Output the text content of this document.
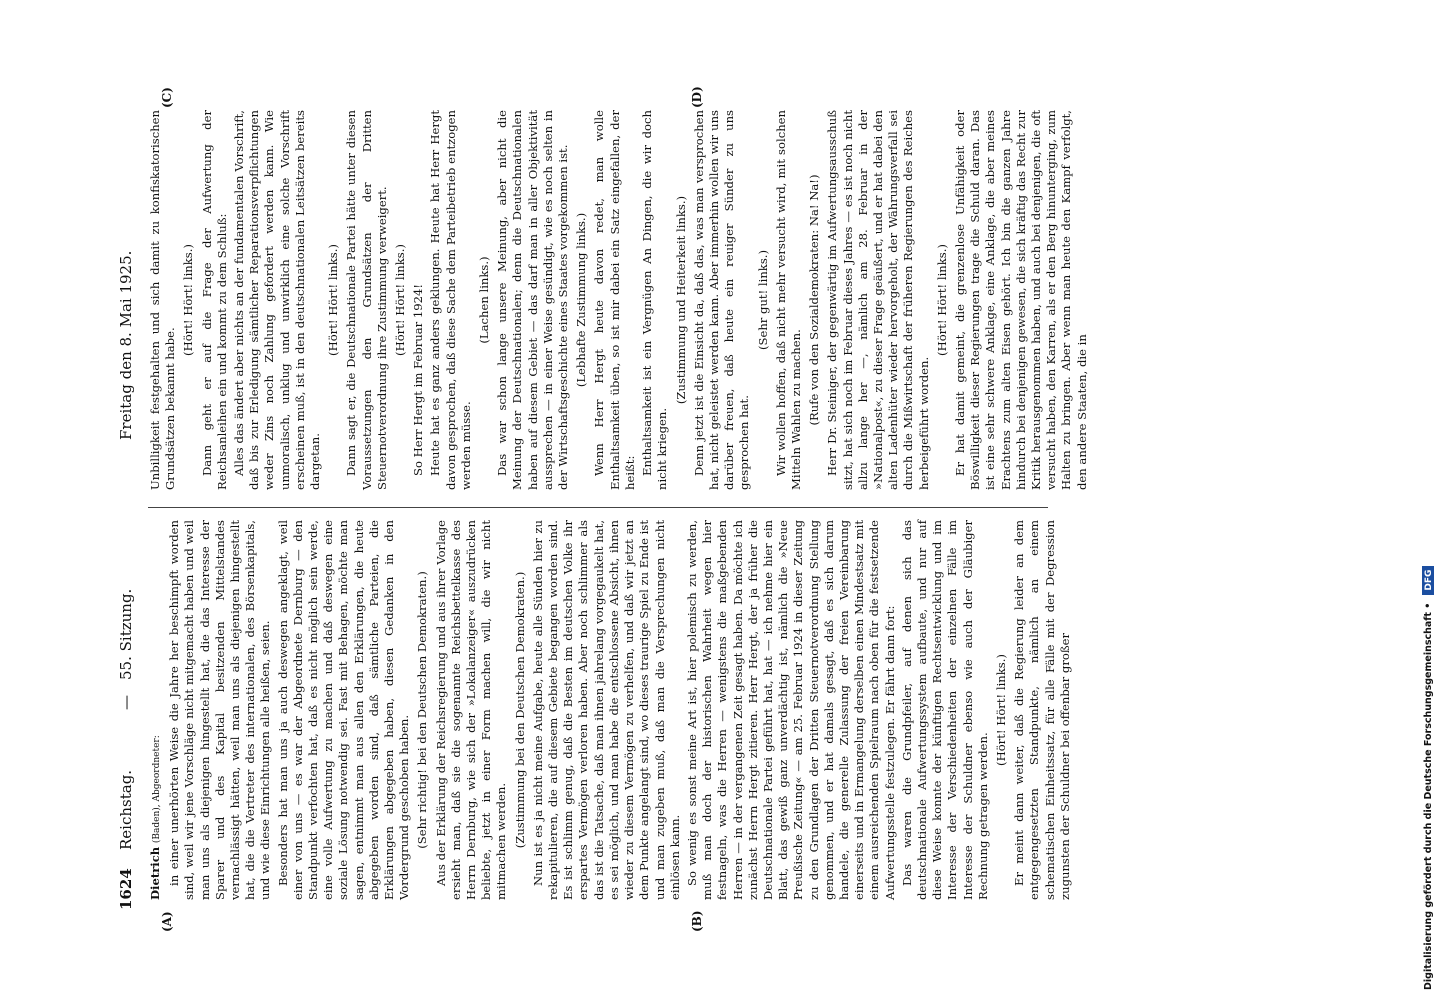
1624
Reichstag.
—
55. Sitzung.
Freitag den 8. Mai 1925.
(A)	(B)
(C)	(D)

Dietrich (Baden), Abgeordneter: in einer unerhörten Weise die Jahre her beschimpft worden sind, weil wir jene Vorschläge nicht mitgemacht haben und weil man uns als diejenigen hingestellt hat, die das Interesse der Sparer und des Kapital besitzenden Mittelstandes vernachlässigt hätten, weil man uns als diejenigen hingestellt hat, die die Vertreter des internationalen, des Börsenkapitals, und wie diese Einrichtungen alle heißen, seien. Besonders hat man uns ja auch deswegen angeklagt, weil einer von uns — es war der Abgeordnete Dernburg — den Standpunkt verfochten hat, daß es nicht möglich sein werde, eine volle Aufwertung zu machen und daß deswegen eine soziale Lösung notwendig sei. Fast mit Behagen, möchte man sagen, entnimmt man aus allen den Erklärungen, die heute abgegeben worden sind, daß sämtliche Parteien, die Erklärungen abgegeben haben, diesen Gedanken in den Vordergrund geschoben haben. (Sehr richtig! bei den Deutschen Demokraten.) Aus der Erklärung der Reichsregierung und aus ihrer Vorlage ersieht man, daß sie die sogenannte Reichsbettelkasse des Herrn Dernburg, wie sich der »Lokalanzeiger« auszudrücken beliebte, jetzt in einer Form machen will, die wir nicht mitmachen werden. (Zustimmung bei den Deutschen Demokraten.) Nun ist es ja nicht meine Aufgabe, heute alle Sünden hier zu rekapitulieren, die auf diesem Gebiete begangen worden sind. Es ist schlimm genug, daß die Besten im deutschen Volke ihr erspartes Vermögen verloren haben. Aber noch schlimmer als das ist die Tatsache, daß man ihnen jahrelang vorgegaukelt hat, es sei möglich, und man habe die entschlossene Absicht, ihnen wieder zu diesem Vermögen zu verhelfen, und daß wir jetzt an dem Punkte angelangt sind, wo dieses traurige Spiel zu Ende ist und man zugeben muß, daß man die Versprechungen nicht einlösen kann. So wenig es sonst meine Art ist, hier polemisch zu werden, muß man doch der historischen Wahrheit wegen hier festnageln, was die Herren — wenigstens die maßgebenden Herren — in der vergangenen Zeit gesagt haben. Da möchte ich zunächst Herrn Hergt zitieren. Herr Hergt, der ja früher die Deutschnationale Partei geführt hat, hat — ich nehme hier ein Blatt, das gewiß ganz unverdächtig ist, nämlich die »Neue Preußische Zeitung« — am 25. Februar 1924 in dieser Zeitung zu den Grundlagen der Dritten Steuernotverordnung Stellung genommen, und er hat damals gesagt, daß es sich darum handele, die generelle Zulassung der freien Vereinbarung einerseits und in Ermangelung derselben einen Mindestsatz mit einem ausreichenden Spielraum nach oben für die festsetzende Aufwertungsstelle festzulegen. Er fährt dann fort: Das waren die Grundpfeiler, auf denen sich das deutschnationale Aufwertungssystem aufbaute, und nur auf diese Weise konnte der künftigen Rechtsentwicklung und im Interesse der Verschiedenheiten der einzelnen Fälle im Interesse der Schuldner ebenso wie auch der Gläubiger Rechnung getragen werden.

(Hört! Hört! links.) Er meint dann weiter, daß die Regierung leider an dem entgegengesetzten Standpunkte, nämlich an einem schematischen Einheitssatz, für alle Fälle mit der Degression zugunsten der Schuldner bei offenbar großer

Unbilligkeit festgehalten und sich damit zu konfiskatorischen Grundsätzen bekannt habe.

(Hört! Hört! links.) Dann geht er auf die Frage der Aufwertung der Reichsanleihen ein und kommt zu dem Schluß: Alles das ändert aber nichts an der fundamentalen Vorschrift, daß bis zur Erledigung sämtlicher Reparationsverpflichtungen weder Zins noch Zahlung gefordert werden kann. Wie unmoralisch, unklug und unwirklich eine solche Vorschrift erscheinen muß, ist in den deutschnationalen Leitsätzen bereits dargetan.

(Hört! Hört! links.) Dann sagt er, die Deutschnationale Partei hätte unter diesen Voraussetzungen den Grundsätzen der Dritten Steuernotverordnung ihre Zustimmung verweigert. (Hört! Hört! links.) So Herr Hergt im Februar 1924! Heute hat es ganz anders geklungen. Heute hat Herr Hergt davon gesprochen, daß diese Sache dem Parteibetrieb entzogen werden müsse.

(Lachen links.) Das war schon lange unsere Meinung, aber nicht die Meinung der Deutschnationalen; denn die Deutschnationalen haben auf diesem Gebiet — das darf man in aller Objektivität aussprechen — in einer Weise gesündigt, wie es noch selten in der Wirtschaftsgeschichte eines Staates vorgekommen ist. (Lebhafte Zustimmung links.) Wenn Herr Hergt heute davon redet, man wolle Enthaltsamkeit üben, so ist mir dabei ein Satz eingefallen, der heißt: Enthaltsamkeit ist ein Vergnügen An Dingen, die wir doch nicht kriegen.

(Zustimmung und Heiterkeit links.) Denn jetzt ist die Einsicht da, daß das, was man versprochen hat, nicht geleistet werden kann. Aber immerhin wollen wir uns darüber freuen, daß heute ein reuiger Sünder zu uns gesprochen hat.

(Sehr gut! links.) Wir wollen hoffen, daß nicht mehr versucht wird, mit solchen Mitteln Wahlen zu machen. (Rufe von den Sozialdemokraten: Na! Na!) Herr Dr. Steiniger, der gegenwärtig im Aufwertungsausschuß sitzt, hat sich noch im Februar dieses Jahres — es ist noch nicht allzu lange her —, nämlich am 28. Februar in der »Nationalpost«, zu dieser Frage geäußert, und er hat dabei den alten Ladenhüter wieder hervorgeholt, der Währungsverfall sei durch die Mißwirtschaft der früheren Regierungen des Reiches herbeigeführt worden.

(Hört! Hört! links.) Er hat damit gemeint, die grenzenlose Unfähigkeit oder Böswilligkeit dieser Regierungen trage die Schuld daran. Das ist eine sehr schwere Anklage, eine Anklage, die aber meines Erachtens zum alten Eisen gehört. Ich bin die ganzen Jahre hindurch bei denjenigen gewesen, die sich kräftig das Recht zur Kritik herausgenommen haben, und auch bei denjenigen, die oft versucht haben, den Karren, als er den Berg hinunterging, zum Halten zu bringen. Aber wenn man heute den Kampf verfolgt, den andere Staaten, die in

Digitalisierung gefördert durch die Deutsche Forschungsgemeinschaft •DFG
